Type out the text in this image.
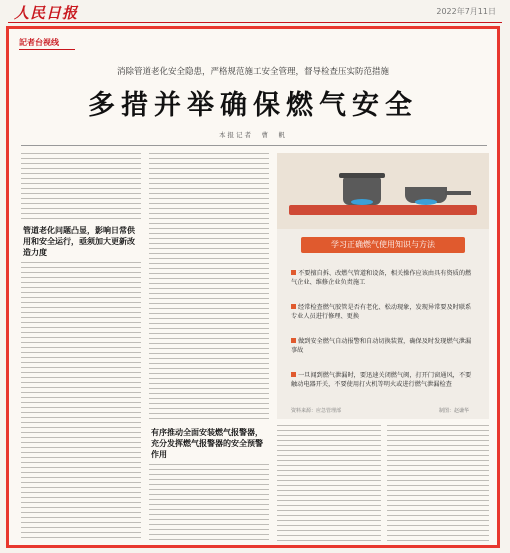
人民日报	2022年7月11日
記者台视线
消除管道老化安全隐患，严格规范施工安全管理，督导检查压实防范措施
多措并举确保燃气安全
本报记者　曹　帆
管道老化问题凸显，影响日常供用和安全运行，亟须加大更新改造力度
有序推动全面安装燃气报警器，充分发挥燃气报警器的安全预警作用
学习正确燃气使用知识与方法
不要擅自拆、改燃气管道和设备，相关操作应该由具有资质的燃气企业、维修企业负责施工
经常检查燃气胶管是否有老化、松动现象，发现异常要及时联系专业人员进行修理、更换
做到安全燃气自动报警和自动切换装置，确保及时发现燃气泄漏事故
一旦闻到燃气泄漏时，要迅速关闭燃气阀，打开门窗通风，不要触动电器开关，不要使用打火机等明火或进行燃气泄漏检查
资料来源：应急管理部	制图：赵谦华
